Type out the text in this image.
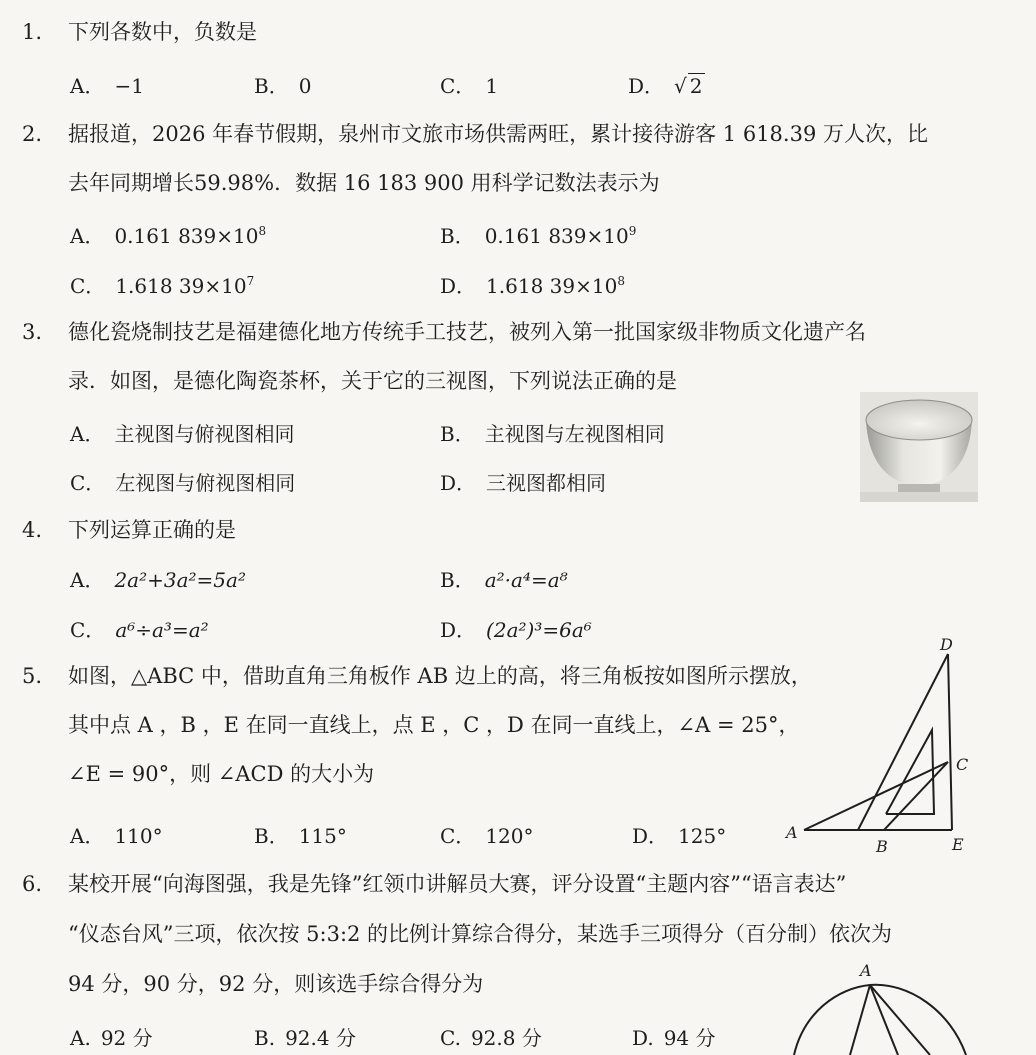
1. 下列各数中，负数是
A． −1	B． 0	C． 1	D． √ 2
2. 据报道，2026 年春节假期，泉州市文旅市场供需两旺，累计接待游客 1 618.39 万人次，比
去年同期增长59.98%．数据 16 183 900 用科学记数法表示为
A． 0.161 $839\times 10^8$	B． 0.161 $839\times 10^9$
C． 1.618 $39\times 10^7$	D． 1.618 $39\times 10^8$
3. 德化瓷烧制技艺是福建德化地方传统手工技艺，被列入第一批国家级非物质文化遗产名
录．如图，是德化陶瓷茶杯，关于它的三视图，下列说法正确的是
A． 主视图与俯视图相同	B． 主视图与左视图相同
C． 左视图与俯视图相同	D． 三视图都相同
4. 下列运算正确的是
A． 2a²+3a²=5a²	B． a²·a⁴=a⁸
C． a⁶÷a³=a²	D． (2a²)³=6a⁶
5. 如图，△ABC 中，借助直角三角板作 AB 边上的高，将三角板按如图所示摆放，
其中点 A ，B ，E 在同一直线上，点 E ，C ，D 在同一直线上，∠A = 25°，
∠E = 90°，则 ∠ACD 的大小为
A． 110°	B． 115°	C． 120°	D． 125°
D
C
A
B	E
6. 某校开展“向海图强，我是先锋”红领巾讲解员大赛，评分设置“主题内容”“语言表达”
“仪态台风”三项，依次按 5:3:2 的比例计算综合得分，某选手三项得分（百分制）依次为
94 分，90 分，92 分，则该选手综合得分为
A. 92 分	B. 92.4 分	C. 92.8 分	D. 94 分
A
